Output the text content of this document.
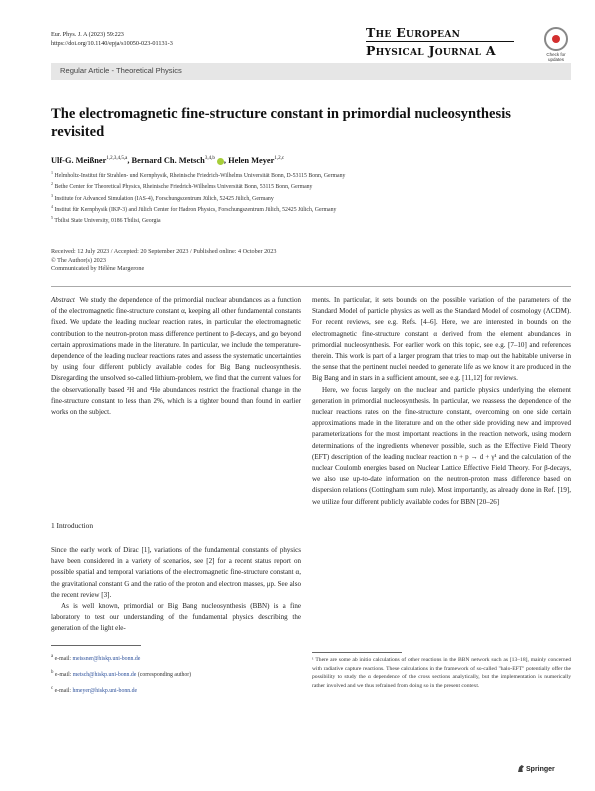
Eur. Phys. J. A (2023) 59:223
https://doi.org/10.1140/epja/s10050-023-01131-3
The European
Physical Journal A	Check for updates
Regular Article - Theoretical Physics
The electromagnetic fine-structure constant in primordial nucleosynthesis revisited
Ulf-G. Meißner$^{1,2,3,4,5,a}$, Bernard Ch. Metsch$^{3,4,b}$ , Helen Meyer$^{1,2,c}$
$^1$ Helmholtz-Institut für Strahlen- und Kernphysik, Rheinische Friedrich-Wilhelms Universität Bonn, D-53115 Bonn, Germany
$^2$ Bethe Center for Theoretical Physics, Rheinische Friedrich-Wilhelms Universität Bonn, 53115 Bonn, Germany
$^3$ Institute for Advanced Simulation (IAS-4), Forschungszentrum Jülich, 52425 Jülich, Germany
$^4$ Institut für Kernphysik (IKP-3) and Jülich Center for Hadron Physics, Forschungszentrum Jülich, 52425 Jülich, Germany
$^5$ Tbilisi State University, 0186 Tbilisi, Georgia
Received: 12 July 2023 / Accepted: 20 September 2023 / Published online: 4 October 2023
© The Author(s) 2023
Communicated by Hélène Margerone

Abstract We study the dependence of the primordial nuclear abundances as a function of the electromagnetic fine-structure constant α, keeping all other fundamental constants fixed. We update the leading nuclear reaction rates, in particular the electromagnetic contribution to the neutron-proton mass difference pertinent to β-decays, and go beyond certain approximations made in the literature. In particular, we include the temperature-dependence of the leading nuclear reactions rates and assess the systematic uncertainties by using four different publicly available codes for Big Bang nucleosynthesis. Disregarding the unsolved so-called lithium-problem, we find that the current values for the observationally based ²H and ⁴He abundances restrict the fractional change in the fine-structure constant to less than 2%, which is a tighter bound than found in earlier works on the subject.

1 Introduction

Since the early work of Dirac [1], variations of the fundamental constants of physics have been considered in a variety of scenarios, see [2] for a recent status report on possible spatial and temporal variations of the electromagnetic fine-structure constant α, the gravitational constant G and the ratio of the proton and electron masses, μp. See also the recent review [3].

As is well known, primordial or Big Bang nucleosynthesis (BBN) is a fine laboratory to test our understanding of the fundamental physics describing the generation of the light ele-

$^a$ e-mail: meissner@hiskp.uni-bonn.de
$^b$ e-mail: metsch@hiskp.uni-bonn.de (corresponding author)
$^c$ e-mail: hmeyer@hiskp.uni-bonn.de

ments. In particular, it sets bounds on the possible variation of the parameters of the Standard Model of particle physics as well as the Standard Model of cosmology (ΛCDM). For recent reviews, see e.g. Refs. [4–6]. Here, we are interested in bounds on the electromagnetic fine-structure constant α derived from the element abundances in primordial nucleosynthesis. For earlier work on this topic, see e.g. [7–10] and references therein. This work is part of a larger program that tries to map out the habitable universe in the sense that the pertinent nuclei needed to generate life as we know it are produced in the Big Bang and in stars in a sufficient amount, see e.g. [11,12] for reviews.

Here, we focus largely on the nuclear and particle physics underlying the element generation in primordial nucleosynthesis. In particular, we reassess the dependence of the nuclear reactions rates on the fine-structure constant, overcoming on one side certain approximations made in the literature and on the other side providing new and improved parameterizations for the most important reactions in the reaction network, using modern determinations of the ingredients whenever possible, such as the Effective Field Theory (EFT) description of the leading nuclear reaction n + p → d + γ¹ and the calculation of the nuclear Coulomb energies based on Nuclear Lattice Effective Field Theory. For β-decays, we also use up-to-date information on the neutron-proton mass difference based on dispersion relations (Cottingham sum rule). Most importantly, as already done in Ref. [19], we utilize four different publicly available codes for BBN [20–26]

¹ There are some ab initio calculations of other reactions in the BBN network such as [13–18], mainly concerned with radiative capture reactions. These calculations in the framework of so-called "halo-EFT" potentially offer the possibility to study the α dependence of the cross sections analytically, but the implementation is numerically rather involved and we thus refrained from doing so in the present context.
Springer
